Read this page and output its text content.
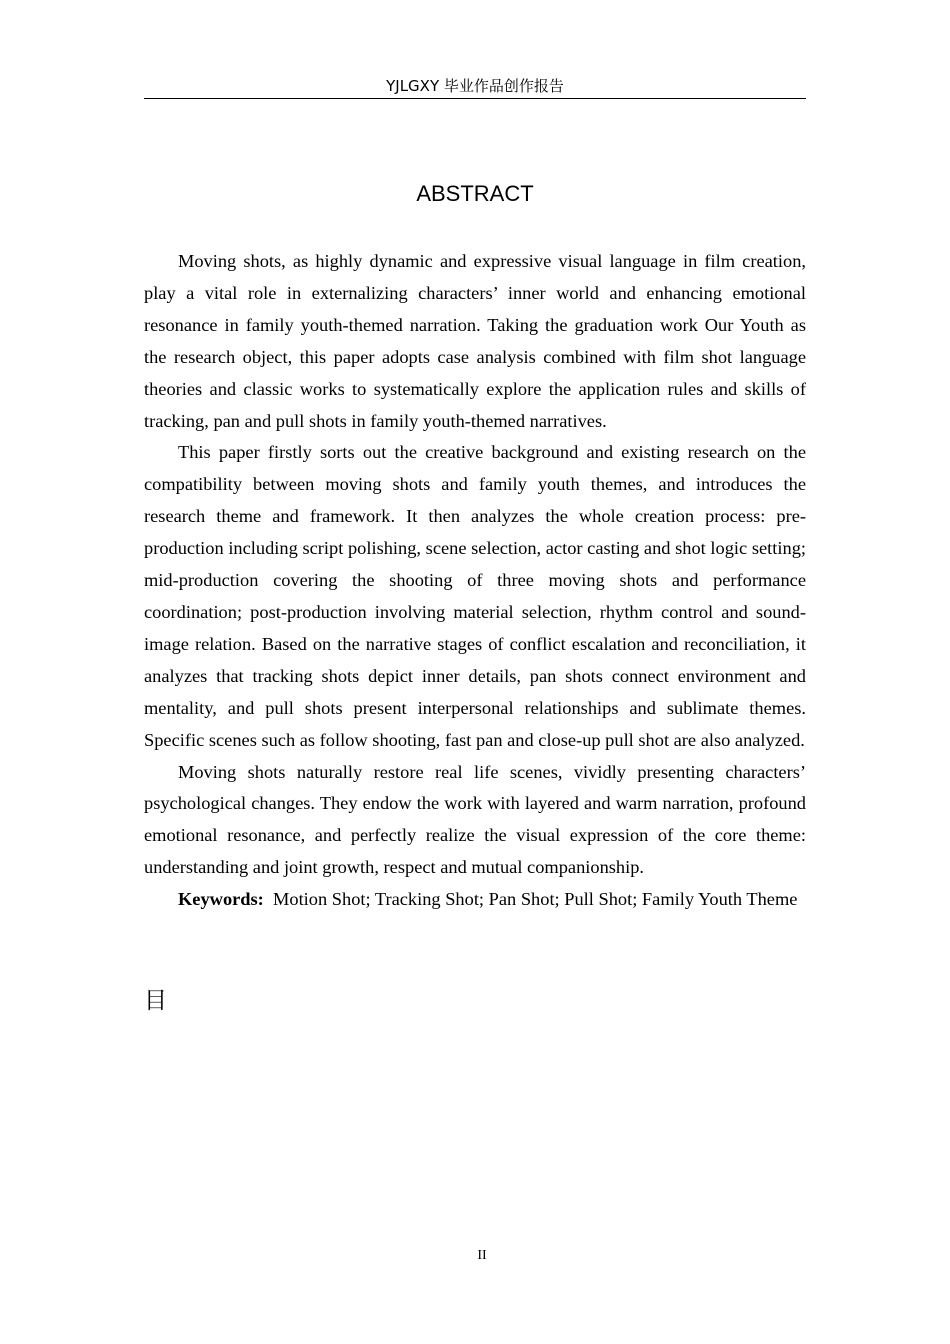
YJLGXY 毕业作品创作报告
ABSTRACT

Moving shots, as highly dynamic and expressive visual language in film creation, play a vital role in externalizing characters’ inner world and enhancing emotional resonance in family youth-themed narration. Taking the graduation work Our Youth as the research object, this paper adopts case analysis combined with film shot language theories and classic works to systematically explore the application rules and skills of tracking, pan and pull shots in family youth-themed narratives.

This paper firstly sorts out the creative background and existing research on the compatibility between moving shots and family youth themes, and introduces the research theme and framework. It then analyzes the whole creation process: pre-production including script polishing, scene selection, actor casting and shot logic setting; mid-production covering the shooting of three moving shots and performance coordination; post-production involving material selection, rhythm control and sound-image relation. Based on the narrative stages of conflict escalation and reconciliation, it analyzes that tracking shots depict inner details, pan shots connect environment and mentality, and pull shots present interpersonal relationships and sublimate themes. Specific scenes such as follow shooting, fast pan and close-up pull shot are also analyzed.

Moving shots naturally restore real life scenes, vividly presenting characters’ psychological changes. They endow the work with layered and warm narration, profound emotional resonance, and perfectly realize the visual expression of the core theme: understanding and joint growth, respect and mutual companionship.

Keywords: Motion Shot; Tracking Shot; Pan Shot; Pull Shot; Family Youth Theme

目
II
